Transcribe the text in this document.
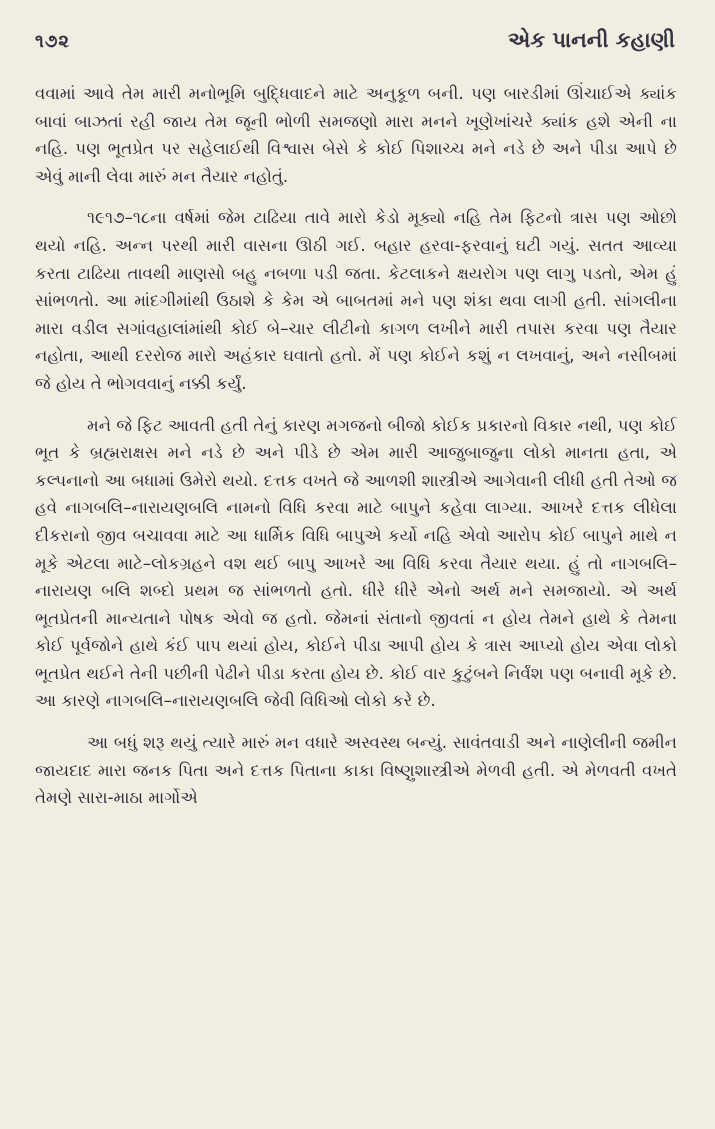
૧૭૨	એક પાનની કહાણી

વવામાં આવે તેમ મારી મનોભૂમિ બુદ્ધિવાદને માટે અનુકૂળ બની. પણ બારડીમાં ઊંચાઈએ ક્યાંક બાવાં બાઝતાં રહી જાય તેમ જૂની ભોળી સમજણો મારા મનને ખૂણેખાંચરે ક્યાંક હશે એની ના નહિ. પણ ભૂતપ્રેત પર સહેલાઈથી વિશ્વાસ બેસે કે કોઈ પિશાચ્ચ મને નડે છે અને પીડા આપે છે એવું માની લેવા મારું મન તૈયાર નહોતું.

૧૯૧૭–૧૮ના વર્ષમાં જેમ ટાઢિયા તાવે મારો કેડો મૂક્યો નહિ તેમ ફિટનો ત્રાસ પણ ઓછો થયો નહિ. અન્ન પરથી મારી વાસના ઊઠી ગઈ. બહાર હરવા-ફરવાનું ઘટી ગયું. સતત આવ્યા કરતા ટાઢિયા તાવથી માણસો બહુ નબળા પડી જતા. કેટલાકને ક્ષયરોગ પણ લાગુ પડતો, એમ હું સાંભળતો. આ માંદગીમાંથી ઉઠાશે કે કેમ એ બાબતમાં મને પણ શંકા થવા લાગી હતી. સાંગલીના મારા વડીલ સગાંવહાલાંમાંથી કોઈ બે–ચાર લીટીનો કાગળ લખીને મારી તપાસ કરવા પણ તૈયાર નહોતા, આથી દરરોજ મારો અહંકાર ઘવાતો હતો. મેં પણ કોઈને કશું ન લખવાનું, અને નસીબમાં જે હોય તે ભોગવવાનું નક્કી કર્યું.

મને જે ફિટ આવતી હતી તેનું કારણ મગજનો બીજો કોઈક પ્રકારનો વિકાર નથી, પણ કોઈ ભૂત કે બ્રહ્મરાક્ષસ મને નડે છે અને પીડે છે એમ મારી આજુબાજુના લોકો માનતા હતા, એ કલ્પનાનો આ બધામાં ઉમેરો થયો. દત્તક વખતે જે આળશી શાસ્ત્રીએ આગેવાની લીધી હતી તેઓ જ હવે નાગબલિ–નારાયણબલિ નામનો વિધિ કરવા માટે બાપુને કહેવા લાગ્યા. આખરે દત્તક લીધેલા દીકરાનો જીવ બચાવવા માટે આ ધાર્મિક વિધિ બાપુએ કર્યો નહિ એવો આરોપ કોઈ બાપુને માથે ન મૂકે એટલા માટે–લોકગ્રહને વશ થઈ બાપુ આખરે આ વિધિ કરવા તૈયાર થયા. હું તો નાગબલિ–નારાયણ બલિ શબ્દો પ્રથમ જ સાંભળતો હતો. ધીરે ધીરે એનો અર્થ મને સમજાયો. એ અર્થ ભૂતપ્રેતની માન્યતાને પોષક એવો જ હતો. જેમનાં સંતાનો જીવતાં ન હોય તેમને હાથે કે તેમના કોઈ પૂર્વજોને હાથે કંઈ પાપ થયાં હોય, કોઈને પીડા આપી હોય કે ત્રાસ આપ્યો હોય એવા લોકો ભૂતપ્રેત થઈને તેની પછીની પેઢીને પીડા કરતા હોય છે. કોઈ વાર કુટુંબને નિર્વંશ પણ બનાવી મૂકે છે. આ કારણે નાગબલિ–નારાયણબલિ જેવી વિધિઓ લોકો કરે છે.

આ બધું શરૂ થયું ત્યારે મારું મન વધારે અસ્વસ્થ બન્યું. સાવંતવાડી અને નાણેલીની જમીન જાયદાદ મારા જનક પિતા અને દત્તક પિતાના કાકા વિષ્ણુશાસ્ત્રીએ મેળવી હતી. એ મેળવતી વખતે તેમણે સારા-માઠા માર્ગોએ
